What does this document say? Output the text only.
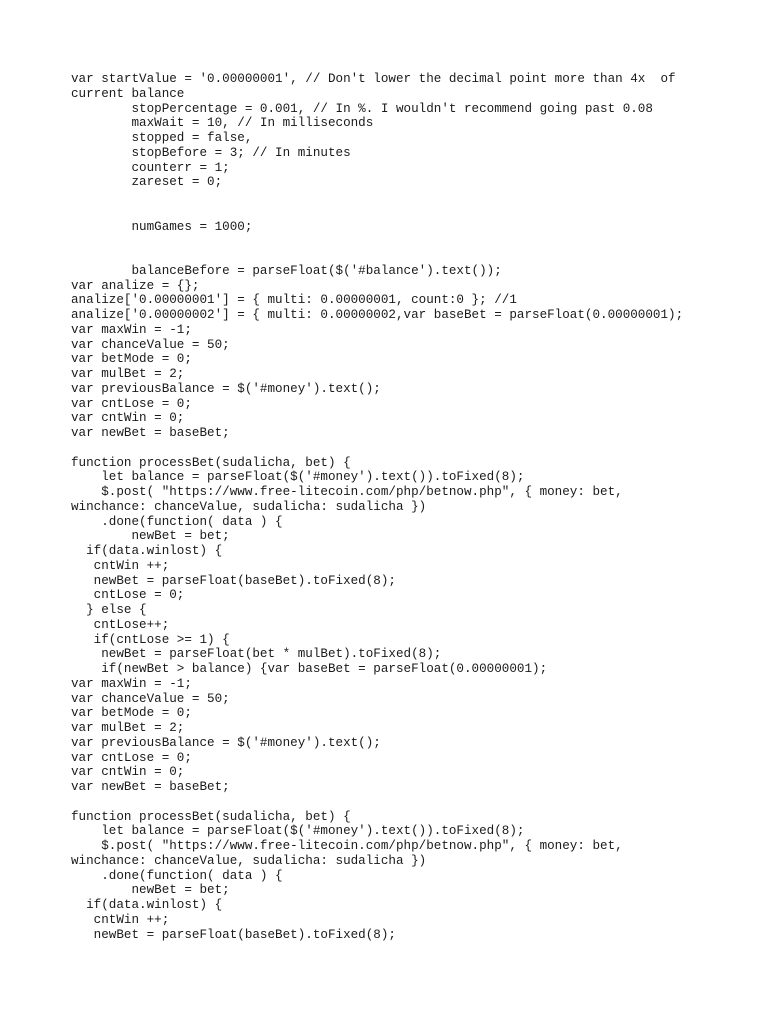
var startValue = '0.00000001', // Don't lower the decimal point more than 4x  of
current balance
stopPercentage = 0.001, // In %. I wouldn't recommend going past 0.08
maxWait = 10, // In milliseconds
stopped = false,
stopBefore = 3; // In minutes
counterr = 1;
zareset = 0;
numGames = 1000;
balanceBefore = parseFloat($('#balance').text());
var analize = {};
analize['0.00000001'] = { multi: 0.00000001, count:0 }; //1
analize['0.00000002'] = { multi: 0.00000002,var baseBet = parseFloat(0.00000001);
var maxWin = -1;
var chanceValue = 50;
var betMode = 0;
var mulBet = 2;
var previousBalance = $('#money').text();
var cntLose = 0;
var cntWin = 0;
var newBet = baseBet;
function processBet(sudalicha, bet) {
let balance = parseFloat($('#money').text()).toFixed(8);
$.post( "https://www.free-litecoin.com/php/betnow.php", { money: bet,
winchance: chanceValue, sudalicha: sudalicha })
.done(function( data ) {
newBet = bet;
if(data.winlost) {
cntWin ++;
newBet = parseFloat(baseBet).toFixed(8);
cntLose = 0;
} else {
cntLose++;
if(cntLose >= 1) {
newBet = parseFloat(bet * mulBet).toFixed(8);
if(newBet > balance) {var baseBet = parseFloat(0.00000001);
var maxWin = -1;
var chanceValue = 50;
var betMode = 0;
var mulBet = 2;
var previousBalance = $('#money').text();
var cntLose = 0;
var cntWin = 0;
var newBet = baseBet;
function processBet(sudalicha, bet) {
let balance = parseFloat($('#money').text()).toFixed(8);
$.post( "https://www.free-litecoin.com/php/betnow.php", { money: bet,
winchance: chanceValue, sudalicha: sudalicha })
.done(function( data ) {
newBet = bet;
if(data.winlost) {
cntWin ++;
newBet = parseFloat(baseBet).toFixed(8);
